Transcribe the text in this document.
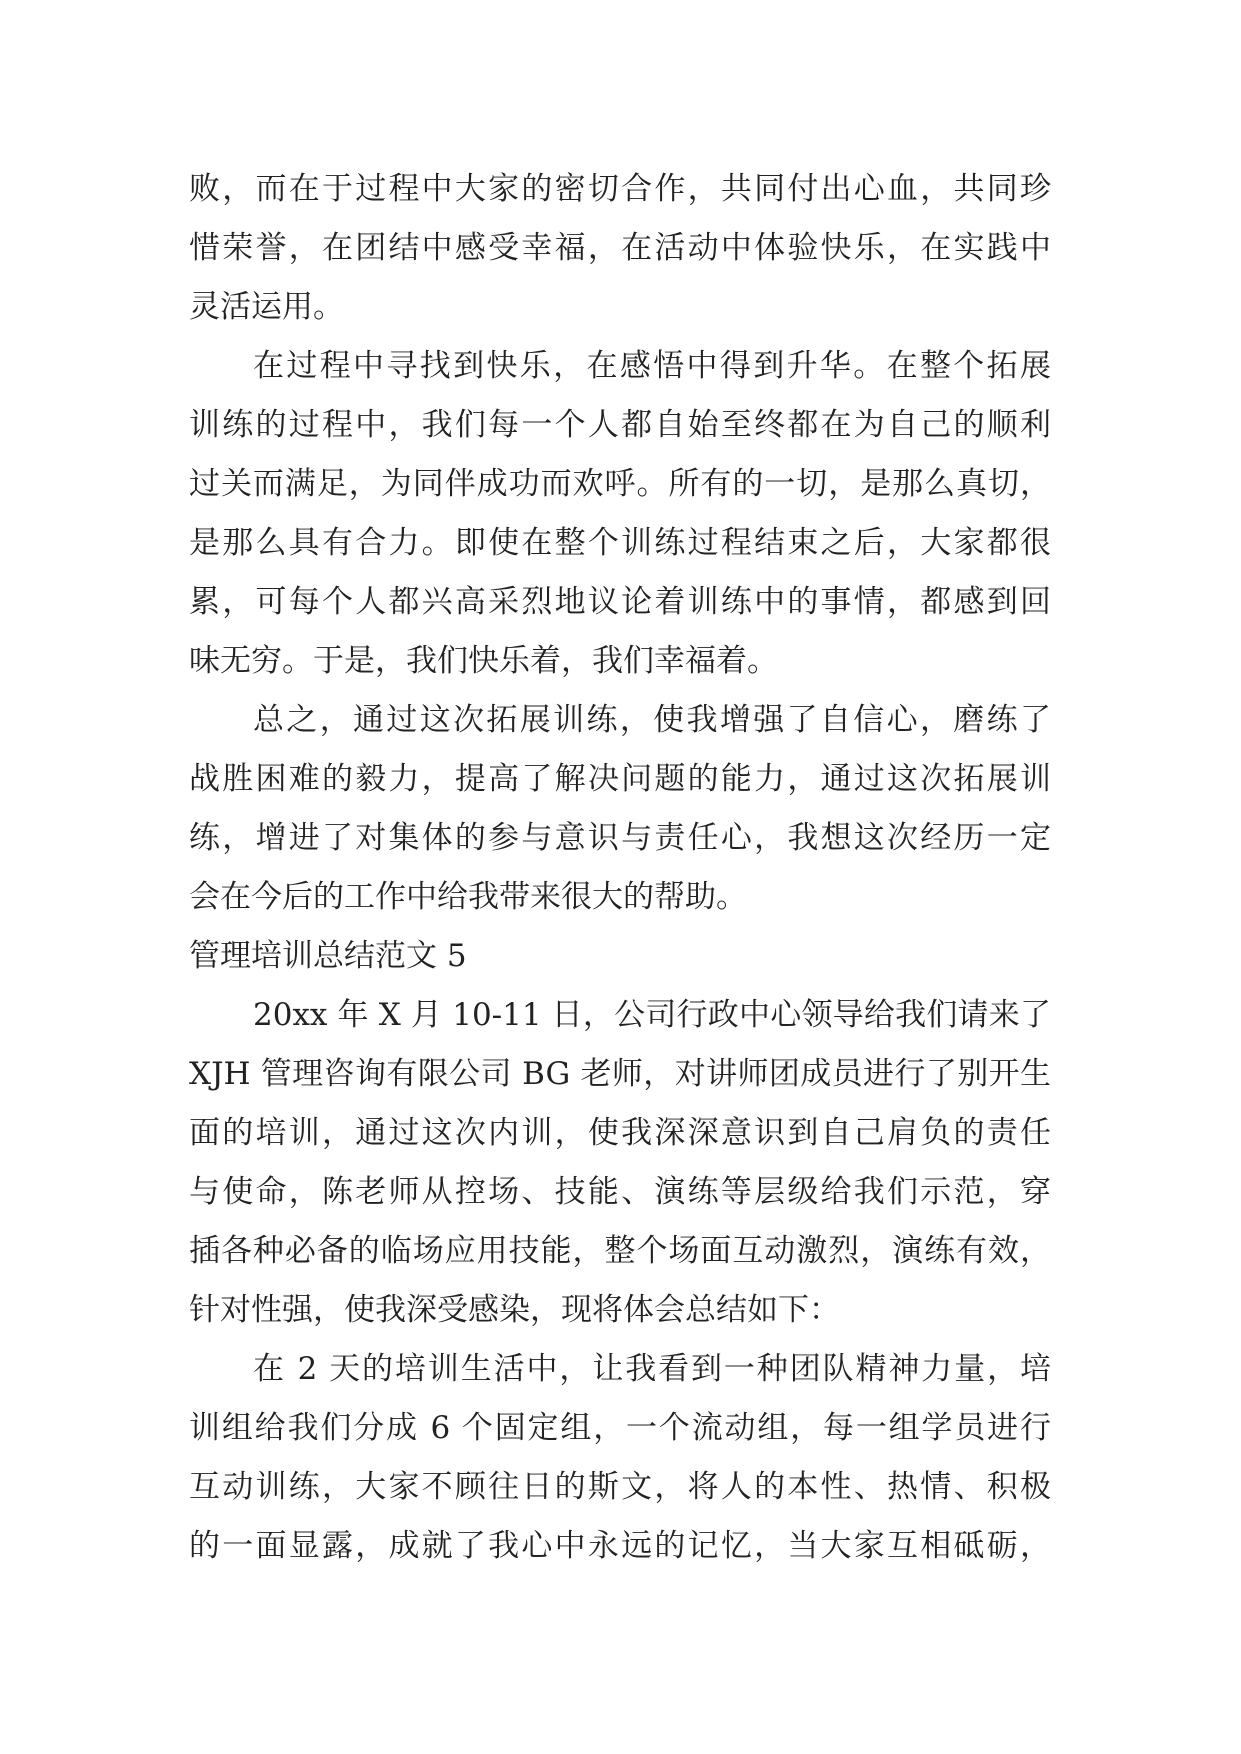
败，而在于过程中大家的密切合作，共同付出心血，共同珍
惜荣誉，在团结中感受幸福，在活动中体验快乐，在实践中
灵活运用。
在过程中寻找到快乐，在感悟中得到升华。在整个拓展
训练的过程中，我们每一个人都自始至终都在为自己的顺利
过关而满足，为同伴成功而欢呼。所有的一切，是那么真切，
是那么具有合力。即使在整个训练过程结束之后，大家都很
累，可每个人都兴高采烈地议论着训练中的事情，都感到回
味无穷。于是，我们快乐着，我们幸福着。
总之，通过这次拓展训练，使我增强了自信心，磨练了
战胜困难的毅力，提高了解决问题的能力，通过这次拓展训
练，增进了对集体的参与意识与责任心，我想这次经历一定
会在今后的工作中给我带来很大的帮助。
管理培训总结范文 5
20xx 年 X 月 10-11 日，公司行政中心领导给我们请来了
XJH 管理咨询有限公司 BG 老师，对讲师团成员进行了别开生
面的培训，通过这次内训，使我深深意识到自己肩负的责任
与使命，陈老师从控场、技能、演练等层级给我们示范，穿
插各种必备的临场应用技能，整个场面互动激烈，演练有效，
针对性强，使我深受感染，现将体会总结如下：
在 2 天的培训生活中，让我看到一种团队精神力量，培
训组给我们分成 6 个固定组，一个流动组，每一组学员进行
互动训练，大家不顾往日的斯文，将人的本性、热情、积极
的一面显露，成就了我心中永远的记忆，当大家互相砥砺，
